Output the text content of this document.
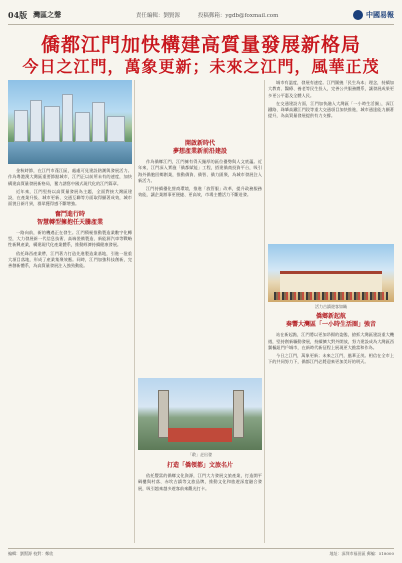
04版 灣區之聲	責任編輯：劉賢源	投稿郵箱：ygdb@foxmail.com	中國易報
僑都江門加快構建高質量發展新格局
今日之江門，萬象更新；未來之江門，風華正茂

金秋時節，在江門市蓬江區，處處可見建設熱潮與發展活力。作為粵港澳大灣區重要節點城市，江門正以前所未有的速度，加快構建高質量發展新格局，奮力譜寫中國式現代化的江門篇章。

近年來，江門堅持以高質量發展為主題，全面對接大灣區建設，在產業升級、城市更新、交通互聯等方面取得顯著成效，城市面貌日新月異，群眾獲得感不斷增強。

奮鬥進行時
智慧轉型擁抱任天騰產業

一路向前，新的機遇正在發生。江門積極推動製造業數字化轉型，大力發展新一代信息技術、高端裝備製造、新能源汽車等戰略性新興產業，構建現代化產業體系，推動經濟持續健康發展。

依托珠西產業帶，江門著力打造先進製造業基地，引進一批重大項目落地，形成了產業集聚效應。同時，江門加強科技創新，完善創新體系，為高質量發展注入強勁動能。

開啟新時代
夢想產業新前沿建設

作為僑鄉江門，江門擁有得天獨厚的區位優勢與人文底蘊。近年來，江門深入實施「僑都賦能」工程，搭建僑商投資平台，吸引海外僑胞回鄉創業，推動僑資、僑智、僑力匯聚，為城市發展注入新活力。

江門持續優化營商環境，推進「放管服」改革，提升政務服務效能，讓企業辦事更便捷、更高效，市場主體活力不斷迸發。

「敢」走出發
打造「僑領都」文旅名片

依托豐富的僑鄉文化資源，江門大力發展文旅產業，打造開平碉樓與村落、赤坎古鎮等文旅品牌，推動文化和旅遊深度融合發展，吸引越來越多遊客前來觀光打卡。

城市有溫度，發展有速度。江門圍繞「民生為本」理念，持續加大教育、醫療、養老等民生投入，完善公共服務體系，讓發展成果更多更公平惠及全體人民。

在交通建設方面，江門加快融入大灣區「一小時生活圈」，深江鐵路、珠肇高鐵江門段等重大交通項目加快推進，城市通達能力顯著提升，為高質量發展提供有力支撐。

活力古鎮遊客如織
僑鄉新起航
奏響大灣區「一小時生活圈」強音

站在新起點，江門將以更加昂揚的姿態，搶抓大灣區建設重大機遇，堅持創新驅動發展，持續擴大對外開放，努力建設成為大灣區西翼樞紐門戶城市，在新時代新征程上展現更大擔當和作為。

今日之江門，萬象更新；未來之江門，風華正茂。相信在全市上下的共同努力下，僑都江門必將迎來更加美好的明天。

編輯：劉賢源 校對：鄭欣	地址：深圳市福田區 郵編：518000
